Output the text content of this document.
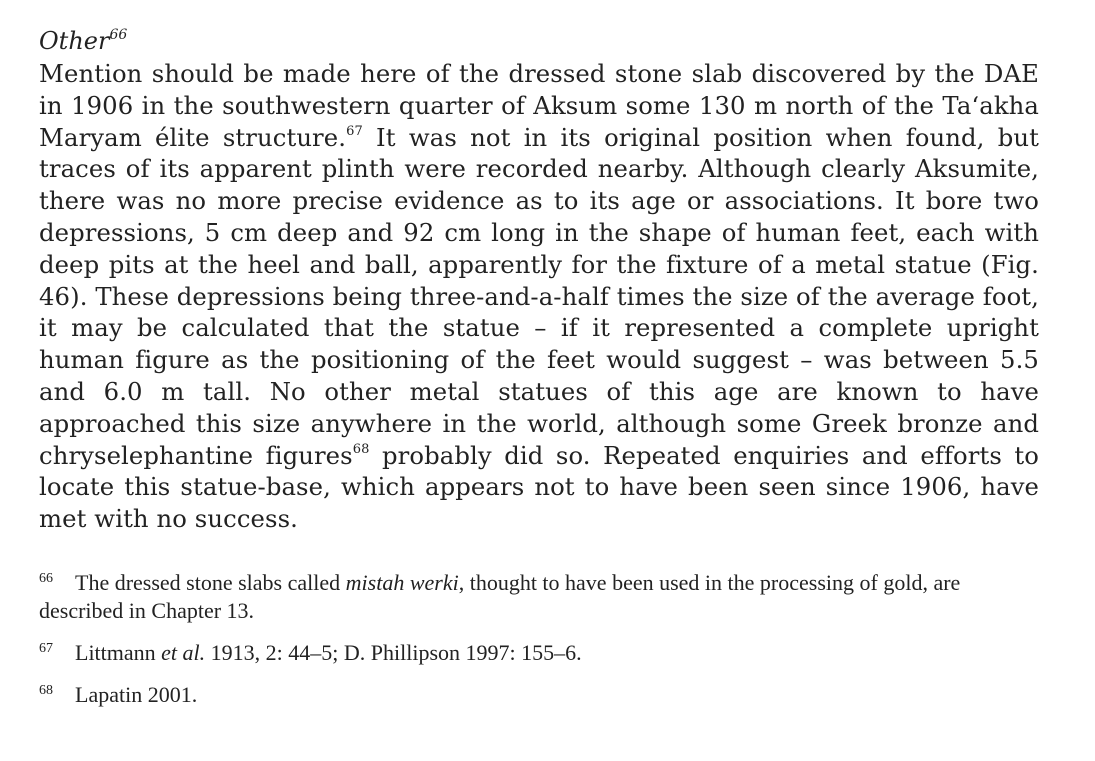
Other$^{66}$

Mention should be made here of the dressed stone slab discovered by the DAE in 1906 in the southwestern quarter of Aksum some 130 m north of the Ta‘akha Maryam élite structure.$^{67}$ It was not in its original position when found, but traces of its apparent plinth were recorded nearby. Although clearly Aksumite, there was no more precise evidence as to its age or associations. It bore two depressions, 5 cm deep and 92 cm long in the shape of human feet, each with deep pits at the heel and ball, apparently for the fixture of a metal statue (Fig. 46). These depressions being three-and-a-half times the size of the average foot, it may be calculated that the statue – if it represented a complete upright human figure as the positioning of the feet would suggest – was between 5.5 and 6.0 m tall. No other metal statues of this age are known to have approached this size anywhere in the world, although some Greek bronze and chryselephantine figures$^{68}$ probably did so. Repeated enquiries and efforts to locate this statue-base, which appears not to have been seen since 1906, have met with no success.

66 The dressed stone slabs called mistah werki, thought to have been used in the processing of gold, are described in Chapter 13.

67 Littmann et al. 1913, 2: 44–5; D. Phillipson 1997: 155–6.

68 Lapatin 2001.
